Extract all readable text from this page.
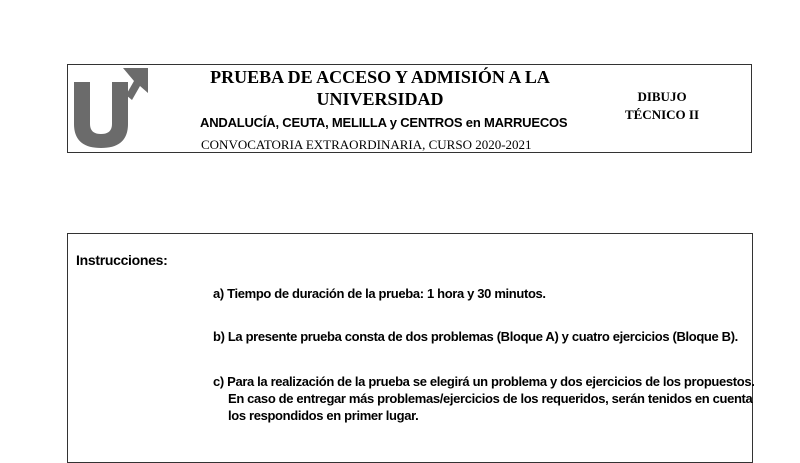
PRUEBA DE ACCESO Y ADMISIÓN A LA
UNIVERSIDAD
ANDALUCÍA, CEUTA, MELILLA y CENTROS en MARRUECOS
CONVOCATORIA EXTRAORDINARIA, CURSO 2020-2021
DIBUJO
TÉCNICO II
Instrucciones:
a) Tiempo de duración de la prueba: 1 hora y 30 minutos.
b) La presente prueba consta de dos problemas (Bloque A) y cuatro ejercicios (Bloque B).
c) Para la realización de la prueba se elegirá un problema y dos ejercicios de los propuestos.
En caso de entregar más problemas/ejercicios de los requeridos, serán tenidos en cuenta
los respondidos en primer lugar.
